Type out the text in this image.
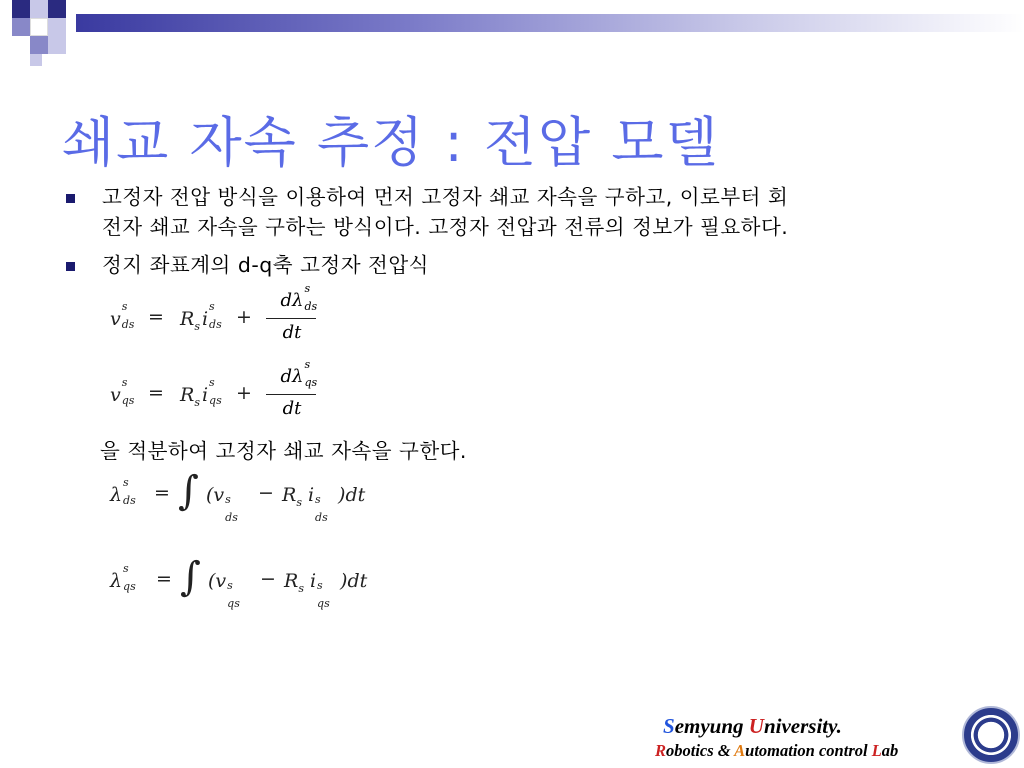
쇄교 자속 추정 : 전압 모델
고정자 전압 방식을 이용하여 먼저 고정자 쇄교 자속을 구하고, 이로부터 회
전자 쇄교 자속을 구하는 방식이다. 고정자 전압과 전류의 정보가 필요하다.
정지 좌표계의 d-q축 고정자 전압식
v
s
ds = $R_s$ i
s
ds +
dλ
s
ds
dt
v
s
qs = $R_s$ i
s
qs +
dλ
s
qs
dt
을 적분하여 고정자 쇄교 자속을 구한다.
λ
s
ds = ∫ (v s
ds
− $R_s$ i s
ds
)dt
λ
s
qs = ∫ (v s
qs
− $R_s$ i s
qs
)dt
Semyung University.
Robotics & Automation control Lab
